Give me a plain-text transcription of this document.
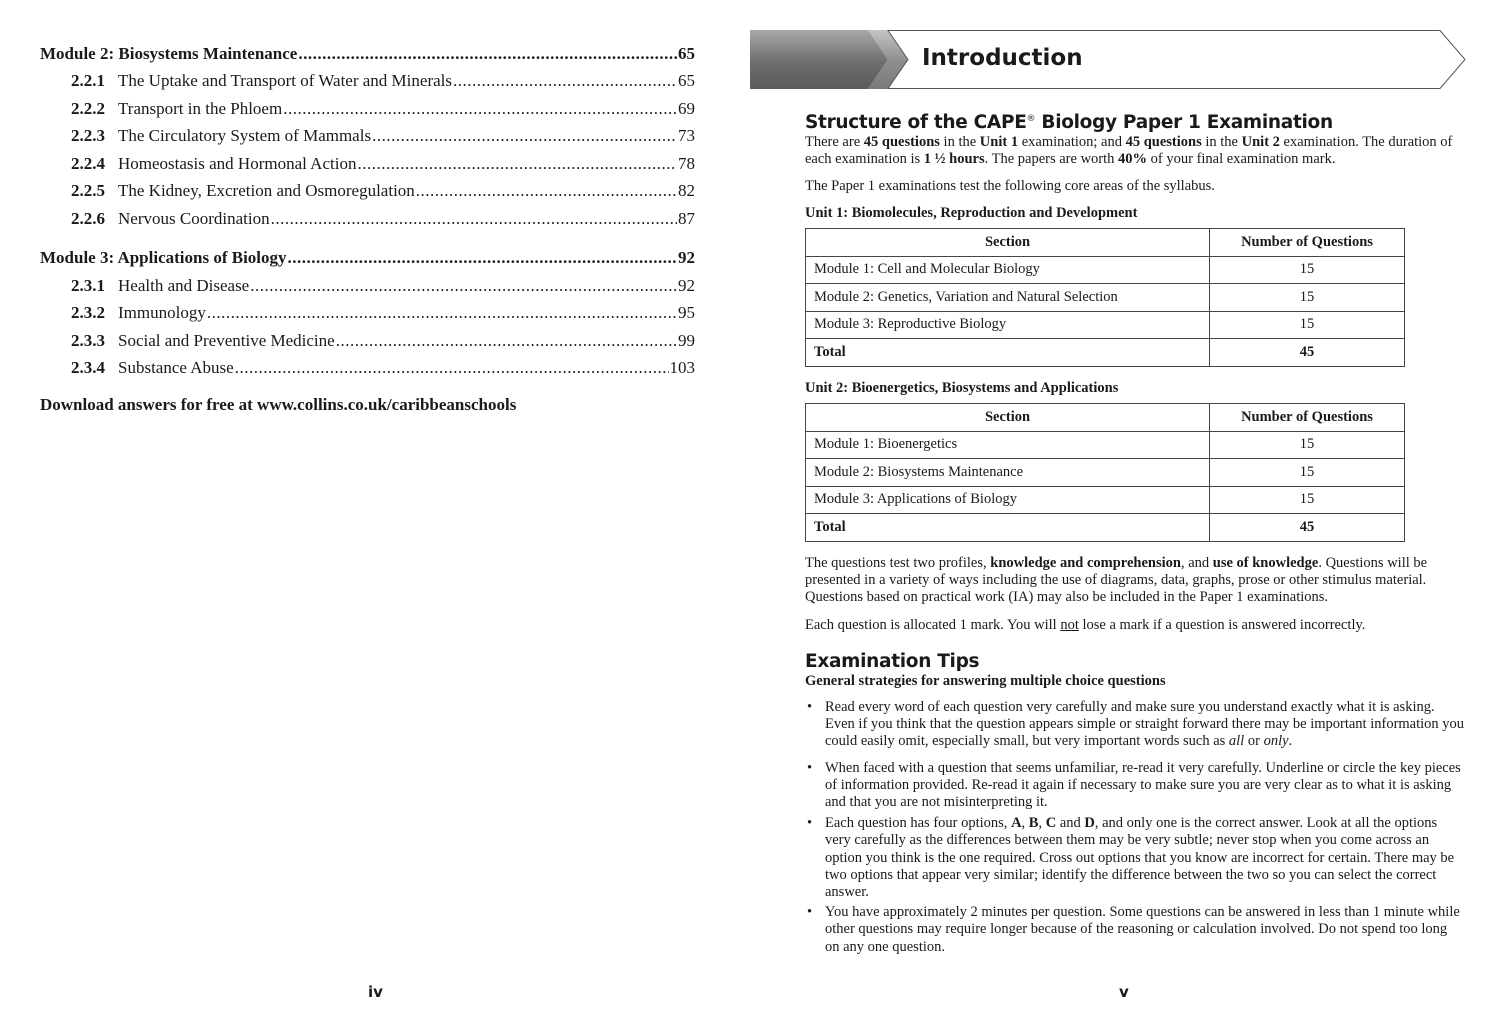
Module 2: Biosystems Maintenance .....	65
2.2.1 The Uptake and Transport of Water and Minerals .....	65
2.2.2 Transport in the Phloem .....	69
2.2.3 The Circulatory System of Mammals .....	73
2.2.4 Homeostasis and Hormonal Action .....	78
2.2.5 The Kidney, Excretion and Osmoregulation .....	82
2.2.6 Nervous Coordination .....	87
Module 3: Applications of Biology .....	92
2.3.1 Health and Disease .....	92
2.3.2 Immunology .....	95
2.3.3 Social and Preventive Medicine .....	99
2.3.4 Substance Abuse .....	103
Download answers for free at www.collins.co.uk/caribbeanschools
iv
Introduction
Structure of the CAPE® Biology Paper 1 Examination
There are 45 questions in the Unit 1 examination; and 45 questions in the Unit 2 examination. The duration of each examination is 1 ½ hours. The papers are worth 40% of your final examination mark.
The Paper 1 examinations test the following core areas of the syllabus.
Unit 1: Biomolecules, Reproduction and Development
Section	Number of Questions
Module 1: Cell and Molecular Biology	15
Module 2: Genetics, Variation and Natural Selection	15
Module 3: Reproductive Biology	15
Total	45
Unit 2: Bioenergetics, Biosystems and Applications
Section	Number of Questions
Module 1: Bioenergetics	15
Module 2: Biosystems Maintenance	15
Module 3: Applications of Biology	15
Total	45
The questions test two profiles, knowledge and comprehension, and use of knowledge. Questions will be presented in a variety of ways including the use of diagrams, data, graphs, prose or other stimulus material. Questions based on practical work (IA) may also be included in the Paper 1 examinations.
Each question is allocated 1 mark. You will not lose a mark if a question is answered incorrectly.
Examination Tips
General strategies for answering multiple choice questions
• Read every word of each question very carefully and make sure you understand exactly what it is asking. Even if you think that the question appears simple or straight forward there may be important information you could easily omit, especially small, but very important words such as all or only.
• When faced with a question that seems unfamiliar, re-read it very carefully. Underline or circle the key pieces of information provided. Re-read it again if necessary to make sure you are very clear as to what it is asking and that you are not misinterpreting it.
• Each question has four options, A, B, C and D, and only one is the correct answer. Look at all the options very carefully as the differences between them may be very subtle; never stop when you come across an option you think is the one required. Cross out options that you know are incorrect for certain. There may be two options that appear very similar; identify the difference between the two so you can select the correct answer.
• You have approximately 2 minutes per question. Some questions can be answered in less than 1 minute while other questions may require longer because of the reasoning or calculation involved. Do not spend too long on any one question.
v
